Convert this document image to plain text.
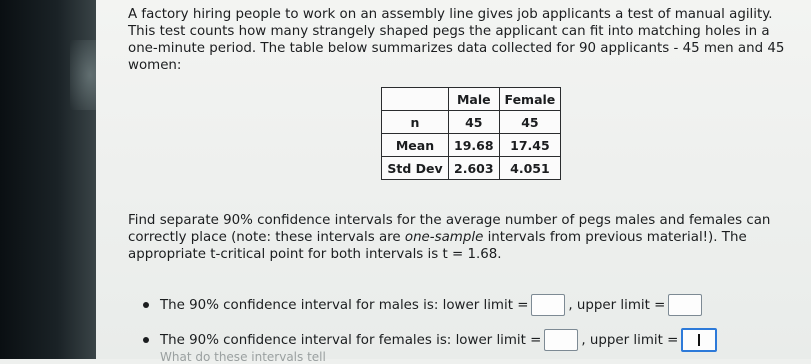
A factory hiring people to work on an assembly line gives job applicants a test of manual agility. This test counts how many strangely shaped pegs the applicant can fit into matching holes in a one-minute period. The table below summarizes data collected for 90 applicants - 45 men and 45 women:

	Male	Female
n	45	45
Mean	19.68	17.45
Std Dev	2.603	4.051

Find separate 90% confidence intervals for the average number of pegs males and females can correctly place (note: these intervals are one-sample intervals from previous material!). The appropriate t-critical point for both intervals is t = 1.68.

The 90% confidence interval for males is: lower limit =	, upper limit =
The 90% confidence interval for females is: lower limit =	, upper limit =
What do these intervals tell
